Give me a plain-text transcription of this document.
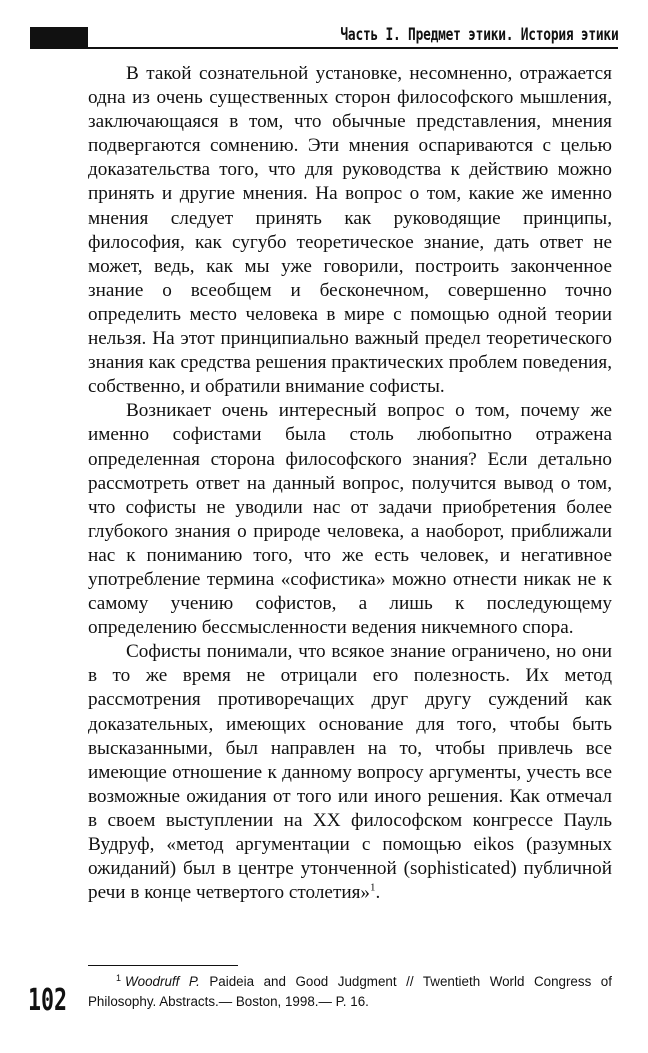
Часть I. Предмет этики. История этики

В такой сознательной установке, несомненно, отражается одна из очень существенных сторон философского мышления, заключающаяся в том, что обычные представления, мнения подвергаются сомнению. Эти мнения оспариваются с целью доказательства того, что для руководства к действию можно принять и другие мнения. На вопрос о том, какие же именно мнения следует принять как руководящие принципы, философия, как сугубо теоретическое знание, дать ответ не может, ведь, как мы уже говорили, построить законченное знание о всеобщем и бесконечном, совершенно точно определить место человека в мире с помощью одной теории нельзя. На этот принципиально важный предел теоретического знания как средства решения практических проблем поведения, собственно, и обратили внимание софисты.

Возникает очень интересный вопрос о том, почему же именно софистами была столь любопытно отражена определенная сторона философского знания? Если детально рассмотреть ответ на данный вопрос, получится вывод о том, что софисты не уводили нас от задачи приобретения более глубокого знания о природе человека, а наоборот, приближали нас к пониманию того, что же есть человек, и негативное употребление термина «софистика» можно отнести никак не к самому учению софистов, а лишь к последующему определению бессмысленности ведения никчемного спора.

Софисты понимали, что всякое знание ограничено, но они в то же время не отрицали его полезность. Их метод рассмотрения противоречащих друг другу суждений как доказательных, имеющих основание для того, чтобы быть высказанными, был направлен на то, чтобы привлечь все имеющие отношение к данному вопросу аргументы, учесть все возможные ожидания от того или иного решения. Как отмечал в своем выступлении на XX философском конгрессе Пауль Вудруф, «метод аргументации с помощью eikos (разумных ожиданий) был в центре утонченной (sophisticated) публичной речи в конце четвертого столетия»$^1$.

$^1$ Woodruff P. Paideia and Good Judgment // Twentieth World Congress of Philosophy. Abstracts.— Boston, 1998.— P. 16.
102
